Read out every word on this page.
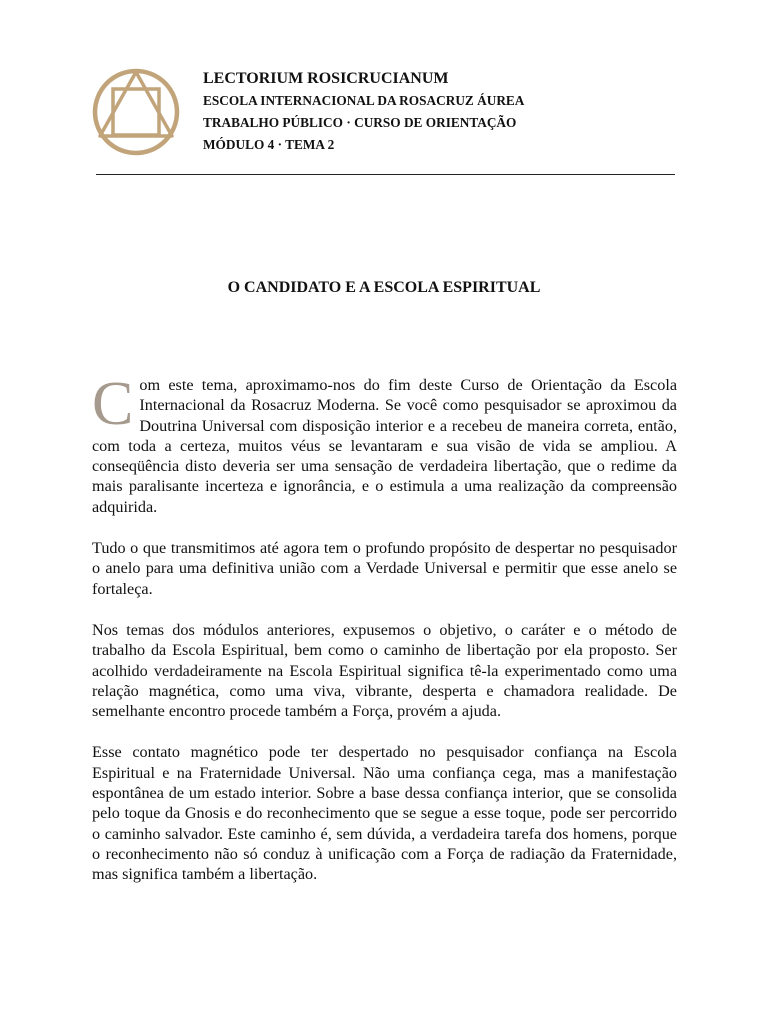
LECTORIUM ROSICRUCIANUM
ESCOLA INTERNACIONAL DA ROSACRUZ ÁUREA
TRABALHO PÚBLICO · CURSO DE ORIENTAÇÃO
MÓDULO 4 · TEMA 2
O CANDIDATO E A ESCOLA ESPIRITUAL

Com este tema, aproximamo-nos do fim deste Curso de Orientação da Escola Internacional da Rosacruz Moderna. Se você como pesquisador se aproximou da Doutrina Universal com disposição interior e a recebeu de maneira correta, então, com toda a certeza, muitos véus se levantaram e sua visão de vida se ampliou. A conseqüência disto deveria ser uma sensação de verdadeira libertação, que o redime da mais paralisante incerteza e ignorância, e o estimula a uma realização da compreensão adquirida.

Tudo o que transmitimos até agora tem o profundo propósito de despertar no pesquisador o anelo para uma definitiva união com a Verdade Universal e permitir que esse anelo se fortaleça.

Nos temas dos módulos anteriores, expusemos o objetivo, o caráter e o método de trabalho da Escola Espiritual, bem como o caminho de libertação por ela proposto. Ser acolhido verdadeiramente na Escola Espiritual significa tê-la experimentado como uma relação magnética, como uma viva, vibrante, desperta e chamadora realidade. De semelhante encontro procede também a Força, provém a ajuda.

Esse contato magnético pode ter despertado no pesquisador confiança na Escola Espiritual e na Fraternidade Universal. Não uma confiança cega, mas a manifestação espontânea de um estado interior. Sobre a base dessa confiança interior, que se consolida pelo toque da Gnosis e do reconhecimento que se segue a esse toque, pode ser percorrido o caminho salvador. Este caminho é, sem dúvida, a verdadeira tarefa dos homens, porque o reconhecimento não só conduz à unificação com a Força de radiação da Fraternidade, mas significa também a libertação.
